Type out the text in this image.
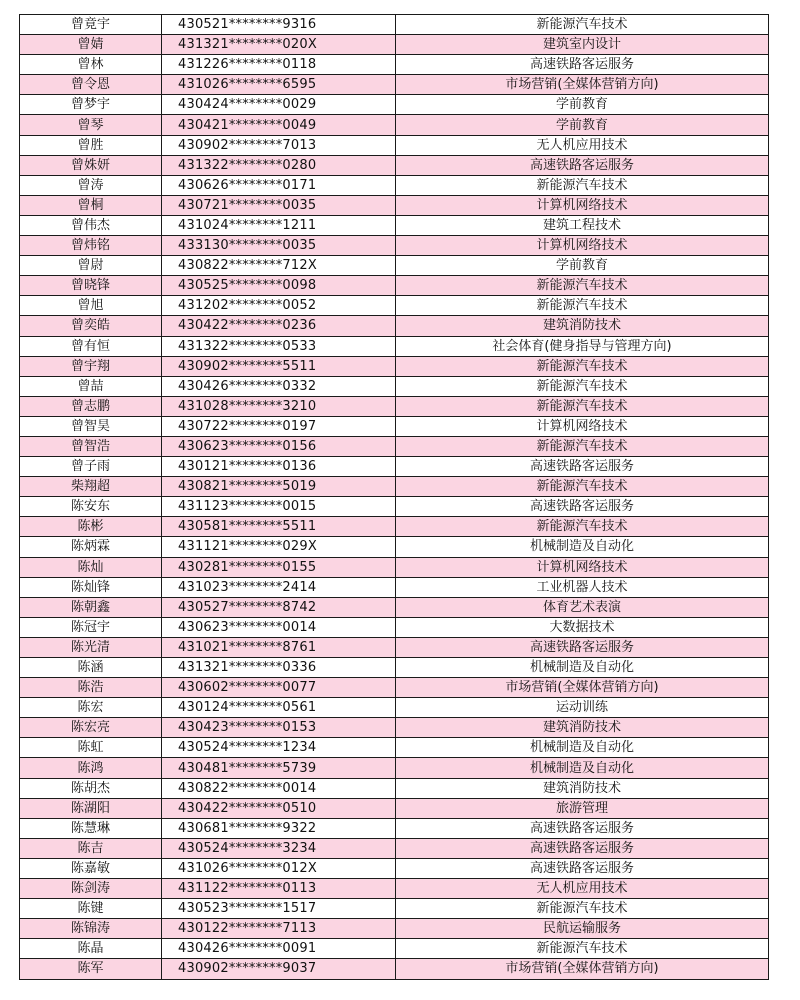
曾竟宇	430521********9316	新能源汽车技术
曾婧	431321********020X	建筑室内设计
曾林	431226********0118	高速铁路客运服务
曾令恩	431026********6595	市场营销(全媒体营销方向)
曾梦宇	430424********0029	学前教育
曾琴	430421********0049	学前教育
曾胜	430902********7013	无人机应用技术
曾姝妍	431322********0280	高速铁路客运服务
曾涛	430626********0171	新能源汽车技术
曾桐	430721********0035	计算机网络技术
曾伟杰	431024********1211	建筑工程技术
曾炜铭	433130********0035	计算机网络技术
曾尉	430822********712X	学前教育
曾晓锋	430525********0098	新能源汽车技术
曾旭	431202********0052	新能源汽车技术
曾奕皓	430422********0236	建筑消防技术
曾有恒	431322********0533	社会体育(健身指导与管理方向)
曾宇翔	430902********5511	新能源汽车技术
曾喆	430426********0332	新能源汽车技术
曾志鹏	431028********3210	新能源汽车技术
曾智昊	430722********0197	计算机网络技术
曾智浩	430623********0156	新能源汽车技术
曾子雨	430121********0136	高速铁路客运服务
柴翔超	430821********5019	新能源汽车技术
陈安东	431123********0015	高速铁路客运服务
陈彬	430581********5511	新能源汽车技术
陈炳霖	431121********029X	机械制造及自动化
陈灿	430281********0155	计算机网络技术
陈灿锋	431023********2414	工业机器人技术
陈朝鑫	430527********8742	体育艺术表演
陈冠宇	430623********0014	大数据技术
陈光清	431021********8761	高速铁路客运服务
陈涵	431321********0336	机械制造及自动化
陈浩	430602********0077	市场营销(全媒体营销方向)
陈宏	430124********0561	运动训练
陈宏亮	430423********0153	建筑消防技术
陈虹	430524********1234	机械制造及自动化
陈鸿	430481********5739	机械制造及自动化
陈胡杰	430822********0014	建筑消防技术
陈湖阳	430422********0510	旅游管理
陈慧琳	430681********9322	高速铁路客运服务
陈吉	430524********3234	高速铁路客运服务
陈嘉敏	431026********012X	高速铁路客运服务
陈剑涛	431122********0113	无人机应用技术
陈键	430523********1517	新能源汽车技术
陈锦涛	430122********7113	民航运输服务
陈晶	430426********0091	新能源汽车技术
陈军	430902********9037	市场营销(全媒体营销方向)
